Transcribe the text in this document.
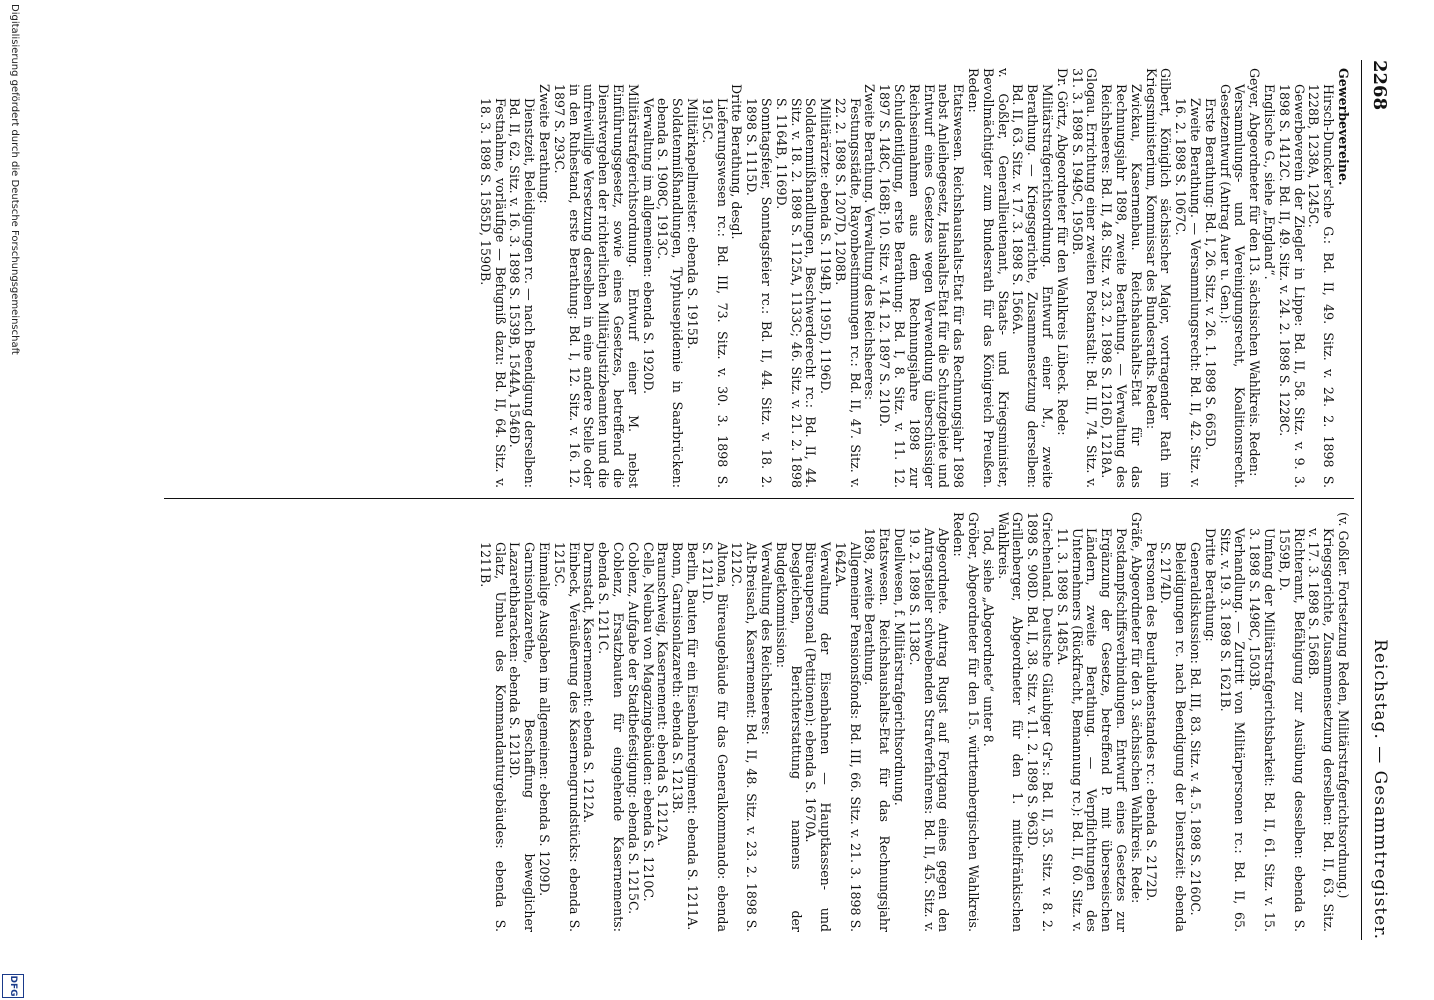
2268
Reichstag. — Gesammtregister.

Gewerbevereine.

Hirsch-Duncker'sche G.: Bd. II, 49. Sitz. v. 24. 2. 1898 S. 1228B, 1238A, 1245C.

Gewerbeverein der Ziegler in Lippe: Bd. II, 58. Sitz. v. 9. 3. 1898 S. 1412C. Bd. II, 49. Sitz. v. 24. 2. 1898 S. 1228C.

Englische G., siehe „England“.

Geyer, Abgeordneter für den 13. sächsischen Wahlkreis. Reden:

Versammlungs- und Vereinigungsrecht, Koalitionsrecht. Gesetzentwurf (Antrag Auer u. Gen.):

Erste Berathung: Bd. I, 26. Sitz. v. 26. 1. 1898 S. 665D.

Zweite Berathung. — Versammlungsrecht: Bd. II, 42. Sitz. v. 16. 2. 1898 S. 1067C.

Gilbert, Königlich sächsischer Major, vortragender Rath im Kriegsministerium, Kommissar des Bundesraths. Reden:

Zwickau, Kasernenbau. Reichshaushalts-Etat für das Rechnungsjahr 1898, zweite Berathung. — Verwaltung des Reichsheeres: Bd. II, 48. Sitz. v. 23. 2. 1898 S. 1216D, 1218A.

Glogau. Errichtung einer zweiten Postanstalt: Bd. III, 74. Sitz. v. 31. 3. 1898 S. 1949C, 1950B.

Dr. Görtz, Abgeordneter für den Wahlkreis Lübeck. Rede:

Militärstrafgerichtsordnung. Entwurf einer M., zweite Berathung. — Kriegsgerichte, Zusammensetzung derselben: Bd. II, 63. Sitz. v. 17. 3. 1898 S. 1566A.

v. Goßler, Generallieutenant, Staats- und Kriegsminister, Bevollmächtigter zum Bundesrath für das Königreich Preußen. Reden:

Etatswesen. Reichshaushalts-Etat für das Rechnungsjahr 1898 nebst Anleihegesetz, Haushalts-Etat für die Schutzgebiete und Entwurf eines Gesetzes wegen Verwendung überschüssiger Reichseinnahmen aus dem Rechnungsjahre 1898 zur Schuldentilgung, erste Berathung: Bd. I, 8. Sitz. v. 11. 12. 1897 S. 148C, 168B; 10. Sitz. v. 14. 12. 1897 S. 210D.

Zweite Berathung. Verwaltung des Reichsheeres:

Festungsstädte, Rayonbestimmungen rc.: Bd. II, 47. Sitz. v. 22. 2. 1898 S. 1207D, 1208B.

Militärärzte: ebenda S. 1194B, 1195D, 1196D.

Soldatenmißhandlungen, Beschwerderecht rc.: Bd. II, 44. Sitz. v. 18. 2. 1898 S. 1125A, 1133C; 46. Sitz. v. 21. 2. 1898 S. 1164B, 1169D.

Sonntagsfeier, Sonntagsfeier rc.: Bd. II, 44. Sitz. v. 18. 2. 1898 S. 1115D.

Dritte Berathung, desgl.

Lieferungswesen rc.: Bd. III, 73. Sitz. v. 30. 3. 1898 S. 1915C.

Militärkapellmeister: ebenda S. 1915B.

Soldatenmißhandlungen, Typhusepidemie in Saarbrücken: ebenda S. 1908C, 1913C.

Verwaltung im allgemeinen: ebenda S. 1920D.

Militärstrafgerichtsordnung. Entwurf einer M. nebst Einführungsgesetz, sowie eines Gesetzes, betreffend die Dienstvergehen der richterlichen Militärjustizbeamten und die unfreiwillige Versetzung derselben in eine andere Stelle oder in den Ruhestand, erste Berathung: Bd. I, 12. Sitz. v. 16. 12. 1897 S. 293C.

Zweite Berathung:

Dienstzeit, Beleidigungen rc. — nach Beendigung derselben: Bd. II, 62. Sitz. v. 16. 3. 1898 S. 1539B, 1544A, 1546D.

Festnahme, vorläufige — Befugniß dazu: Bd. II, 64. Sitz. v. 18. 3. 1898 S. 1585D, 1590B.

(v. Goßler. Fortsetzung Reden, Militärstrafgerichtsordnung.)

Kriegsgerichte, Zusammensetzung derselben: Bd. II, 63. Sitz. v. 17. 3. 1898 S. 1568B.

Richteramt, Befähigung zur Ausübung desselben: ebenda S. 1559B, D.

Umfang der Militärstrafgerichtsbarkeit: Bd. II, 61. Sitz. v. 15. 3. 1898 S. 1498C, 1503B.

Verhandlung. — Zutritt von Militärpersonen rc.: Bd. II, 65. Sitz. v. 19. 3. 1898 S. 1621B.

Dritte Berathung:

Generaldiskussion: Bd. III, 83. Sitz. v. 4. 5. 1898 S. 2160C.

Beleidigungen rc. nach Beendigung der Dienstzeit: ebenda S. 2174D.

Personen des Beurlaubtenstandes rc.: ebenda S. 2172D.

Gräfe, Abgeordneter für den 3. sächsischen Wahlkreis. Rede:

Postdampfschiffsverbindungen. Entwurf eines Gesetzes zur Ergänzung der Gesetze, betreffend P. mit überseeischen Ländern, zweite Berathung. — Verpflichtungen des Unternehmers (Rückfracht, Bemannung rc.): Bd. II, 60. Sitz. v. 11. 3. 1898 S. 1485A.

Griechenland. Deutsche Gläubiger Gr's.: Bd. II, 35. Sitz. v. 8. 2. 1898 S. 908D. Bd. II, 38. Sitz. v. 11. 2. 1898 S. 963D.

Grillenberger, Abgeordneter für den 1. mittelfränkischen Wahlkreis.

Tod, siehe „Abgeordnete“ unter 8.

Gröber, Abgeordneter für den 15. württembergischen Wahlkreis. Reden:

Abgeordnete. Antrag Rugst auf Fortgang eines gegen den Antragsteller schwebenden Strafverfahrens: Bd. II, 45. Sitz. v. 19. 2. 1898 S. 1138C.

Duellwesen, f. Militärstrafgerichtsordnung.

Etatswesen. Reichshaushalts-Etat für das Rechnungsjahr 1898, zweite Berathung.

Allgemeiner Pensionsfonds: Bd. III, 66. Sitz. v. 21. 3. 1898 S. 1642A.

Verwaltung der Eisenbahnen — Hauptkassen- und Büreaupersonal (Petitionen): ebenda S. 1670A.

Desgleichen, Berichterstattung namens der Budgetkommission:

Verwaltung des Reichsheeres:

Alt-Breisach, Kasernement: Bd. II, 48. Sitz. v. 23. 2. 1898 S. 1212C.

Altona, Büreaugebäude für das Generalkommando: ebenda S. 1211D.

Berlin, Bauten für ein Eisenbahnregiment: ebenda S. 1211A.

Bonn, Garnisonlazareth: ebenda S. 1213B.

Braunschweig, Kasernement: ebenda S. 1212A.

Celle, Neubau von Magazingebäuden: ebenda S. 1210C.

Coblenz, Aufgabe der Stadtbefestigung: ebenda S. 1215C.

Coblenz, Ersatzbauten für eingehende Kasernements: ebenda S. 1211C.

Darmstadt, Kasernement: ebenda S. 1212A.

Einbeck, Veräußerung des Kasernengrundstücks: ebenda S. 1215C.

Einmalige Ausgaben im allgemeinen: ebenda S. 1209D.

Garnisonlazarethe, Beschaffung beweglicher Lazarethbaracken: ebenda S. 1213D.

Glatz, Umbau des Kommandanturgebäudes: ebenda S. 1211B.

Digitalisierung gefördert durch die Deutsche Forschungsgemeinschaft
DFG
